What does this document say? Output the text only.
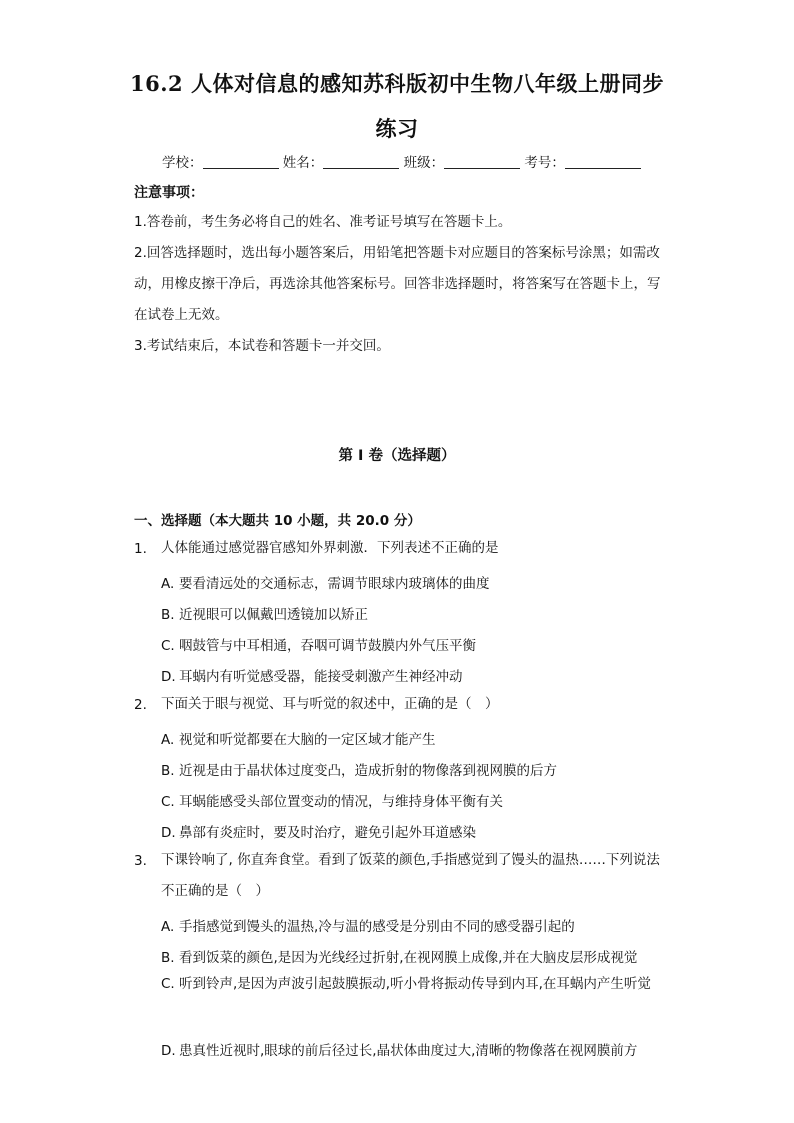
16.2 人体对信息的感知苏科版初中生物八年级上册同步
练习
学校：	姓名：	班级：	考号：
注意事项：
1.答卷前，考生务必将自己的姓名、准考证号填写在答题卡上。
2.回答选择题时，选出每小题答案后，用铅笔把答题卡对应题目的答案标号涂黑；如需改动，用橡皮擦干净后，再选涂其他答案标号。回答非选择题时，将答案写在答题卡上，写在试卷上无效。
3.考试结束后，本试卷和答题卡一并交回。
第 I 卷（选择题）
一、选择题（本大题共 10 小题，共 20.0 分）
1. 人体能通过感觉器官感知外界刺激．下列表述不正确的是
A. 要看清远处的交通标志，需调节眼球内玻璃体的曲度
B. 近视眼可以佩戴凹透镜加以矫正
C. 咽鼓管与中耳相通，吞咽可调节鼓膜内外气压平衡
D. 耳蜗内有听觉感受器，能接受刺激产生神经冲动
2. 下面关于眼与视觉、耳与听觉的叙述中，正确的是（　）
A. 视觉和听觉都要在大脑的一定区域才能产生
B. 近视是由于晶状体过度变凸，造成折射的物像落到视网膜的后方
C. 耳蜗能感受头部位置变动的情况，与维持身体平衡有关
D. 鼻部有炎症时，要及时治疗，避免引起外耳道感染
3. 下课铃响了, 你直奔食堂。看到了饭菜的颜色,手指感觉到了馒头的温热……下列说法不正确的是（　）
A. 手指感觉到馒头的温热,冷与温的感受是分别由不同的感受器引起的
B. 看到饭菜的颜色,是因为光线经过折射,在视网膜上成像,并在大脑皮层形成视觉
C. 听到铃声,是因为声波引起鼓膜振动,听小骨将振动传导到内耳,在耳蜗内产生听觉
D. 患真性近视时,眼球的前后径过长,晶状体曲度过大,清晰的物像落在视网膜前方
